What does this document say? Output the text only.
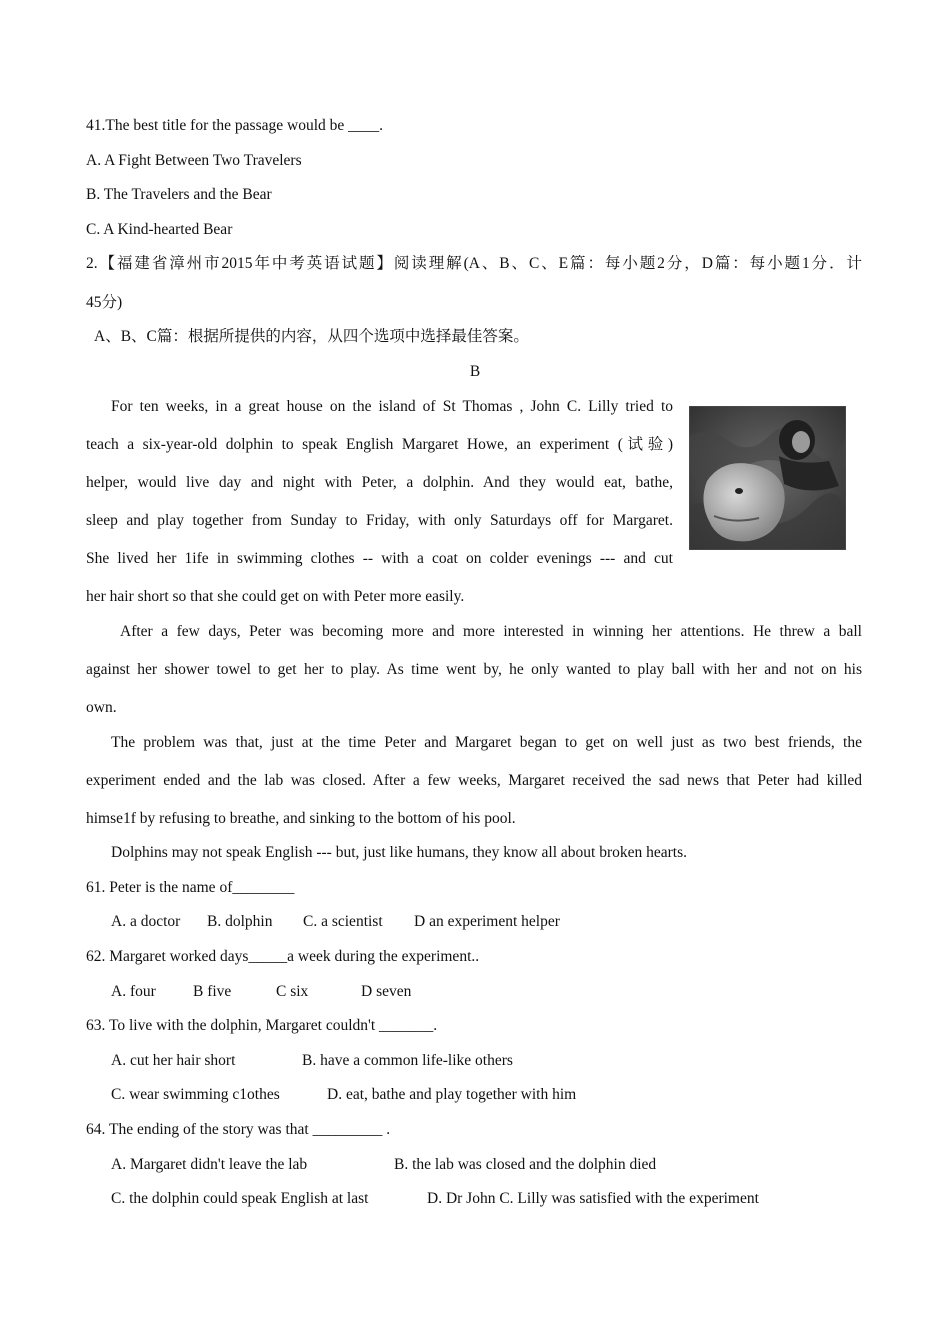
41.The best title for the passage would be ____.
A. A Fight Between Two Travelers
B. The Travelers and the Bear
C. A Kind-hearted Bear
2.【福建省漳州市2015年中考英语试题】阅读理解(A、B、C、E篇：每小题2分，D篇：每小题1分．计
45分)
A、B、C篇：根据所提供的内容，从四个选项中选择最佳答案。
B
For ten weeks, in a great house on the island of St Thomas , John C. Lilly tried to
teach a six-year-old dolphin to speak English Margaret Howe, an experiment (试验)
helper, would live day and night with Peter, a dolphin. And they would eat, bathe,
sleep and play together from Sunday to Friday, with only Saturdays off for Margaret.
She lived her 1ife in swimming clothes -- with a coat on colder evenings --- and cut
her hair short so that she could get on with Peter more easily.
After a few days, Peter was becoming more and more interested in winning her attentions. He threw a ball
against her shower towel to get her to play. As time went by, he only wanted to play ball with her and not on his
own.
The problem was that, just at the time Peter and Margaret began to get on well just as two best friends, the
experiment ended and the lab was closed. After a few weeks, Margaret received the sad news that Peter had killed
himse1f by refusing to breathe, and sinking to the bottom of his pool.
Dolphins may not speak English --- but, just like humans, they know all about broken hearts.
61. Peter is the name of________
A. a doctor B. dolphin C. a scientist D an experiment helper
62. Margaret worked days_____a week during the experiment..
A. four B five	C six	D seven
63. To live with the dolphin, Margaret couldn't _______.
A. cut her hair short	B. have a common life-like others
C. wear swimming c1othes	D. eat, bathe and play together with him
64. The ending of the story was that _________ .
A. Margaret didn't leave the lab	B. the lab was closed and the dolphin died
C. the dolphin could speak English at last	D. Dr John C. Lilly was satisfied with the experiment
